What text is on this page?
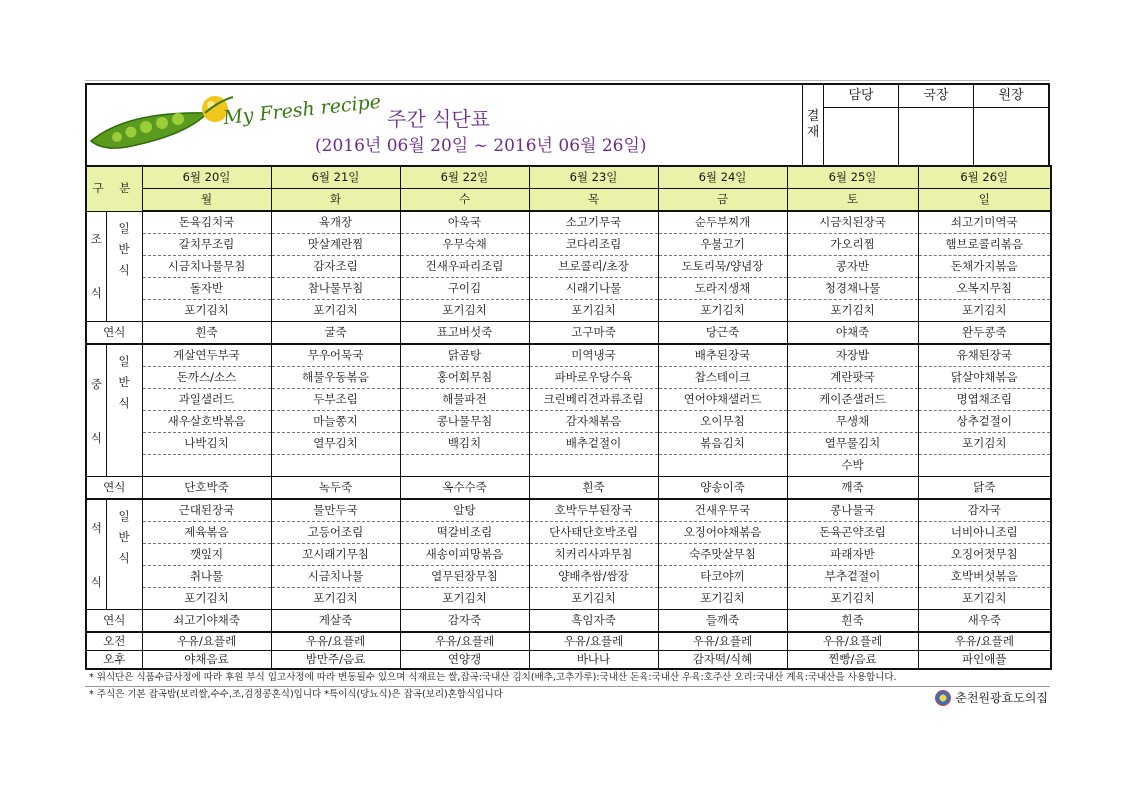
My Fresh recipe 주간 식단표
(2016년 06월 20일 ~ 2016년 06월 26일)
결
재
담당	국장	원장
구 분		6월 20일	6월 21일	6월 22일	6월 23일	6월 24일	6월 25일	6월 26일
		월	화	수	목	금	토	일
조

식	일
반
식	돈육김치국	육개장	아욱국	소고기무국	순두부찌개	시금치된장국	쇠고기미역국
		갈치무조림	맛살계란찜	우무숙채	코다리조림	우불고기	가오리찜	햄브로콜리볶음
		시금치나물무침	감자조림	건새우파리조림	브로콜리/초장	도토리묵/양념장	콩자반	돈채가지볶음
		돌자반	참나물무침	구이김	시래기나물	도라지생채	청경채나물	오복지무침
		포기김치	포기김치	포기김치	포기김치	포기김치	포기김치	포기김치
연식		흰죽	굴죽	표고버섯죽	고구마죽	당근죽	야채죽	완두콩죽
중

식	일
반
식	게살연두부국	무우어묵국	닭곰탕	미역냉국	배추된장국	자장밥	유채된장국
		돈까스/소스	해물우동볶음	홍어회무침	파바로우당수육	찹스테이크	계란팟국	닭살야채볶음
		과일샐러드	두부조림	해물파전	크린베리견과류조림	연어야채샐러드	케이준샐러드	명엽채조림
		새우살호박볶음	마늘쫑지	콩나물무침	감자채볶음	오이무침	무생채	상추겉절이
		나박김치	열무김치	백김치	배추겉절이	볶음김치	열무물김치	포기김치
							수박	
연식		단호박죽	녹두죽	옥수수죽	흰죽	양송이죽	깨죽	닭죽
석

식	일
반
식	근대된장국	물만두국	알탕	호박두부된장국	건새우무국	콩나물국	감자국
		제육볶음	고등어조림	떡갈비조림	단사태단호박조림	오징어야채볶음	돈육곤약조림	너비아니조림
		깻잎지	꼬시래기무침	새송이피망볶음	치커리사과무침	숙주맛살무침	파래자반	오징어젓무침
		취나물	시금치나물	열무된장무침	양배추쌈/쌈장	타코야끼	부추겉절이	호박버섯볶음
		포기김치	포기김치	포기김치	포기김치	포기김치	포기김치	포기김치
연식		쇠고기야채죽	게살죽	감자죽	흑임자죽	들깨죽	흰죽	새우죽
오전		우유/요플레	우유/요플레	우유/요플레	우유/요플레	우유/요플레	우유/요플레	우유/요플레
오후		야채음료	밤만주/음료	연양갱	바나나	감자떡/식혜	찐빵/음료	파인애플
* 위식단은 식품수급사정에 따라 후원 부식 입고사정에 따라 변동될수 있으며 식재료는 쌀,잡곡:국내산 김치(배추,고추가루):국내산 돈육:국내산 우육:호주산 오리:국내산 계육:국내산을 사용합니다.
* 주식은 기본 잡곡밥(보리쌀,수수,조,검정콩혼식)입니다 *특이식(당뇨식)은 잡곡(보리)혼합식입니다	춘천원광효도의집
